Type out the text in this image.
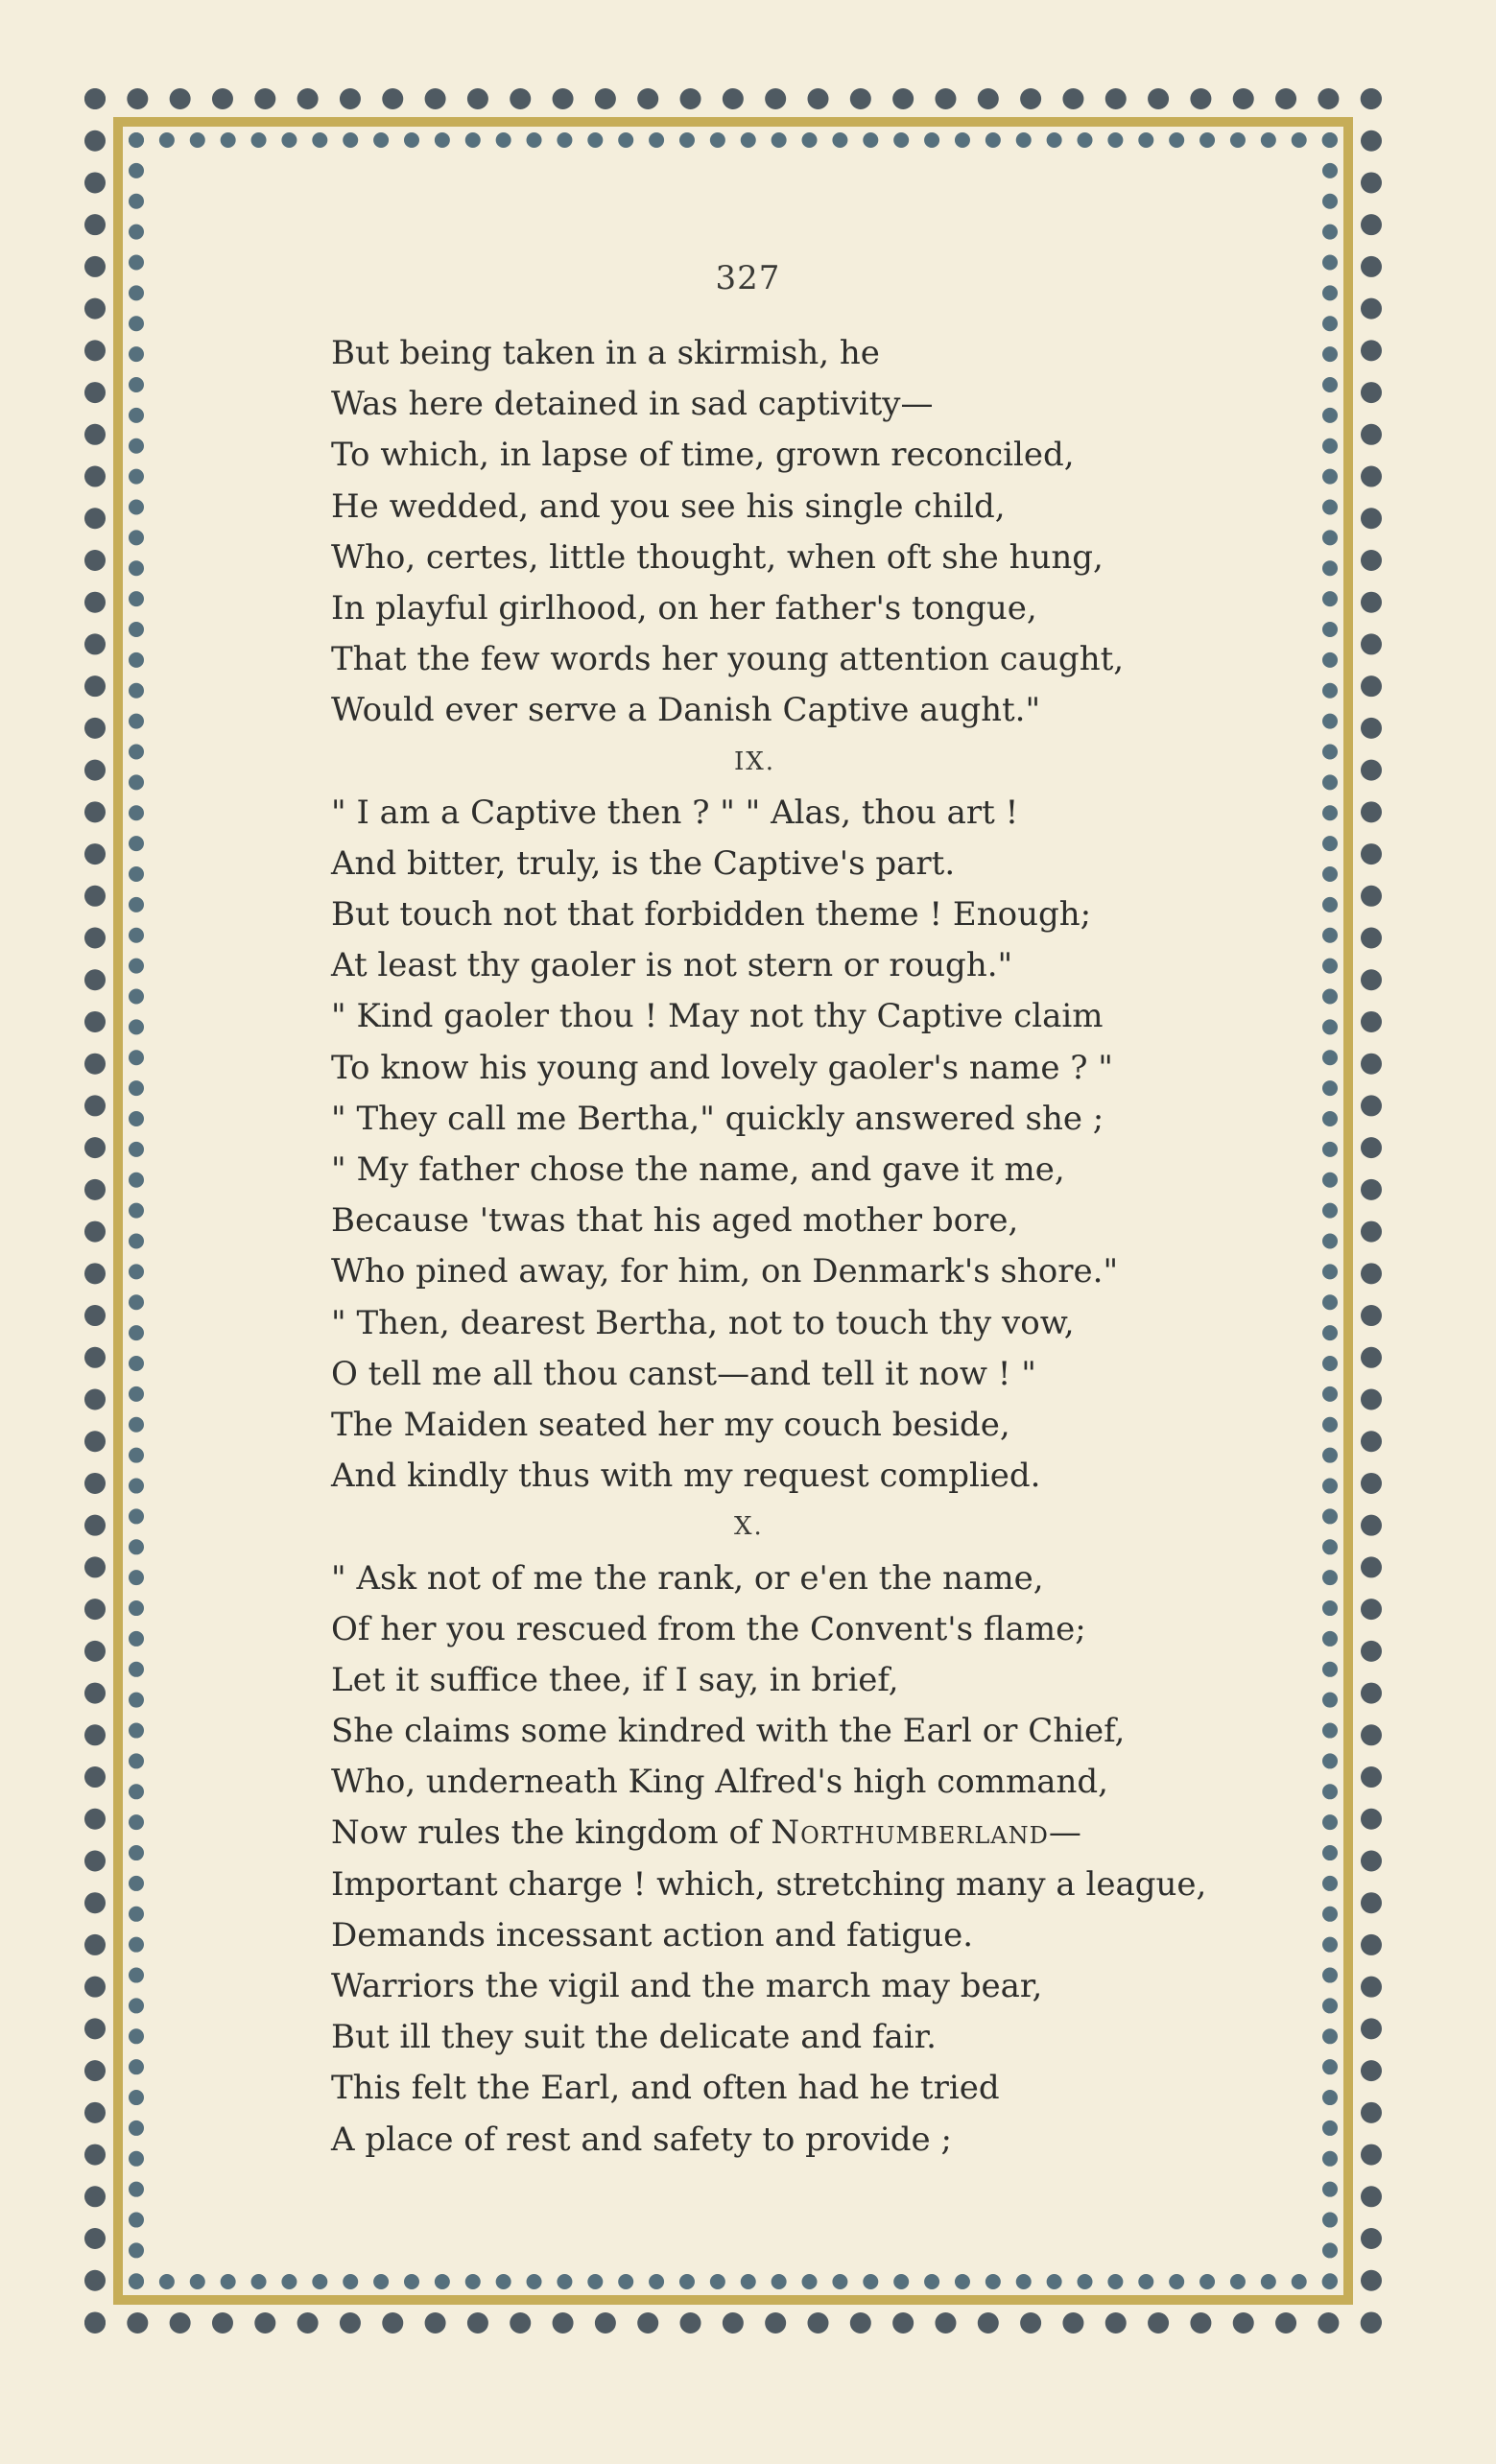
327
But being taken in a skirmish, he
Was here detained in sad captivity—
To which, in lapse of time, grown reconciled,
He wedded, and you see his single child,
Who, certes, little thought, when oft she hung,
In playful girlhood, on her father's tongue,
That the few words her young attention caught,
Would ever serve a Danish Captive aught."
IX.
" I am a Captive then ? " " Alas, thou art !
And bitter, truly, is the Captive's part.
But touch not that forbidden theme ! Enough;
At least thy gaoler is not stern or rough."
" Kind gaoler thou ! May not thy Captive claim
To know his young and lovely gaoler's name ? "
" They call me Bertha," quickly answered she ;
" My father chose the name, and gave it me,
Because 'twas that his aged mother bore,
Who pined away, for him, on Denmark's shore."
" Then, dearest Bertha, not to touch thy vow,
O tell me all thou canst—and tell it now ! "
The Maiden seated her my couch beside,
And kindly thus with my request complied.
X.
" Ask not of me the rank, or e'en the name,
Of her you rescued from the Convent's flame;
Let it suffice thee, if I say, in brief,
She claims some kindred with the Earl or Chief,
Who, underneath King Alfred's high command,
Now rules the kingdom of Northumberland—
Important charge ! which, stretching many a league,
Demands incessant action and fatigue.
Warriors the vigil and the march may bear,
But ill they suit the delicate and fair.
This felt the Earl, and often had he tried
A place of rest and safety to provide ;
